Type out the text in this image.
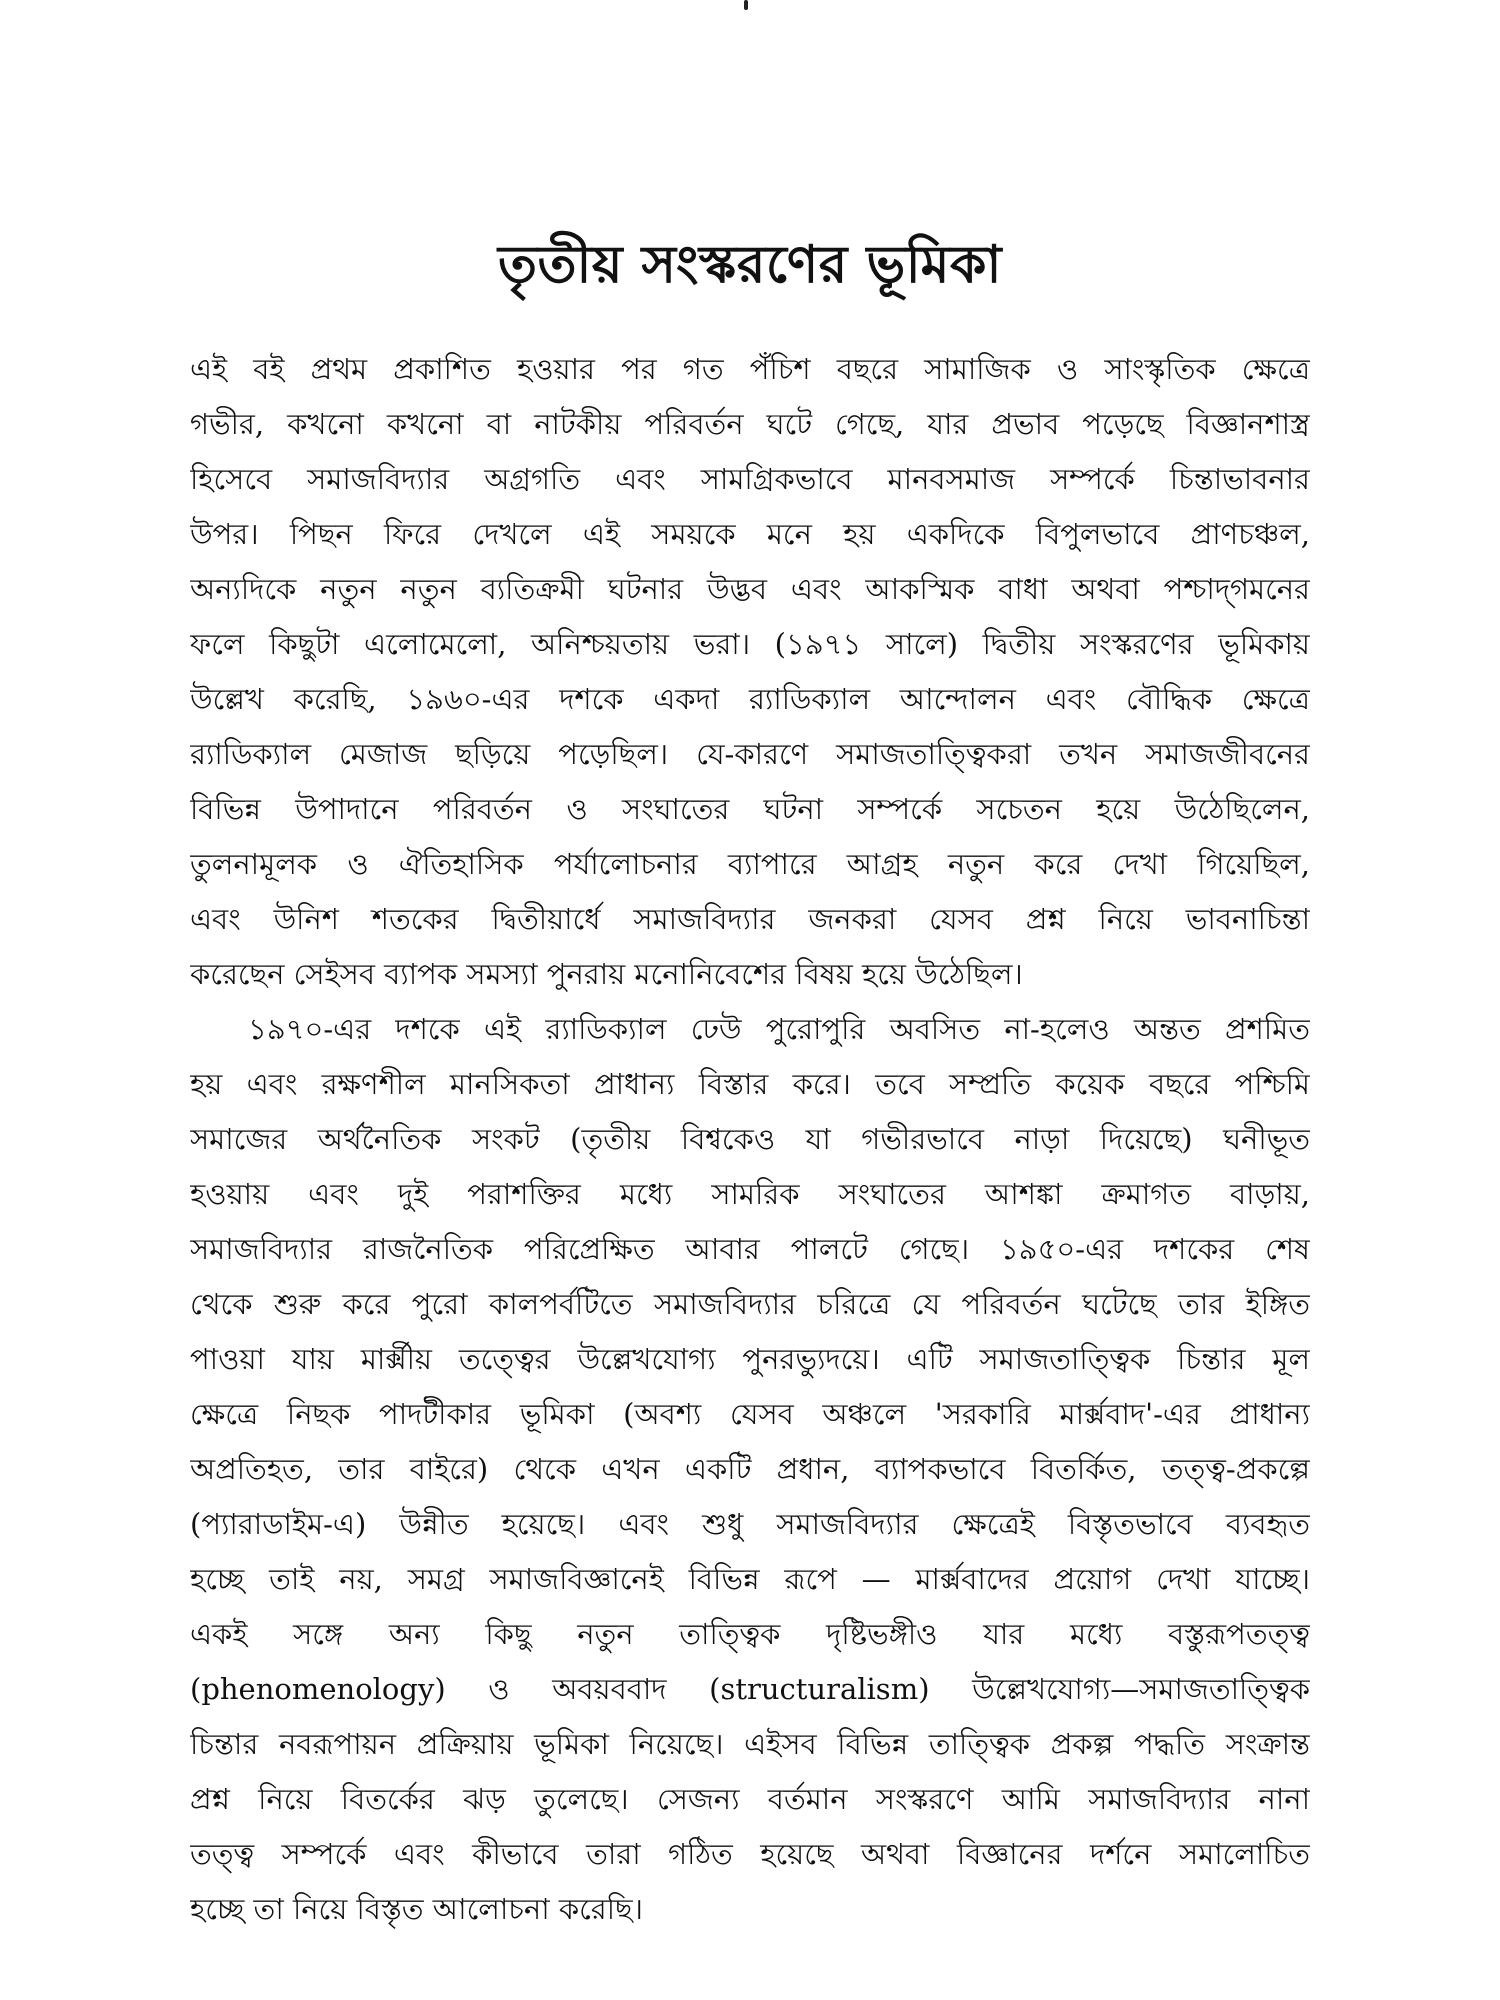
তৃতীয় সংস্করণের ভূমিকা
এই বই প্রথম প্রকাশিত হওয়ার পর গত পঁচিশ বছরে সামাজিক ও সাংস্কৃতিক ক্ষেত্রে
গভীর, কখনো কখনো বা নাটকীয় পরিবর্তন ঘটে গেছে, যার প্রভাব পড়েছে বিজ্ঞানশাস্ত্র
হিসেবে সমাজবিদ্যার অগ্রগতি এবং সামগ্রিকভাবে মানবসমাজ সম্পর্কে চিন্তাভাবনার
উপর। পিছন ফিরে দেখলে এই সময়কে মনে হয় একদিকে বিপুলভাবে প্রাণচঞ্চল,
অন্যদিকে নতুন নতুন ব্যতিক্রমী ঘটনার উদ্ভব এবং আকস্মিক বাধা অথবা পশ্চাদ্‌গমনের
ফলে কিছুটা এলোমেলো, অনিশ্চয়তায় ভরা। (১৯৭১ সালে) দ্বিতীয় সংস্করণের ভূমিকায়
উল্লেখ করেছি, ১৯৬০-এর দশকে একদা র‍্যাডিক্যাল আন্দোলন এবং বৌদ্ধিক ক্ষেত্রে
র‍্যাডিক্যাল মেজাজ ছড়িয়ে পড়েছিল। যে-কারণে সমাজতাত্ত্বিকরা তখন সমাজজীবনের
বিভিন্ন উপাদানে পরিবর্তন ও সংঘাতের ঘটনা সম্পর্কে সচেতন হয়ে উঠেছিলেন,
তুলনামূলক ও ঐতিহাসিক পর্যালোচনার ব্যাপারে আগ্রহ নতুন করে দেখা গিয়েছিল,
এবং উনিশ শতকের দ্বিতীয়ার্ধে সমাজবিদ্যার জনকরা যেসব প্রশ্ন নিয়ে ভাবনাচিন্তা
করেছেন সেইসব ব্যাপক সমস্যা পুনরায় মনোনিবেশের বিষয় হয়ে উঠেছিল।
১৯৭০-এর দশকে এই র‍্যাডিক্যাল ঢেউ পুরোপুরি অবসিত না-হলেও অন্তত প্রশমিত
হয় এবং রক্ষণশীল মানসিকতা প্রাধান্য বিস্তার করে। তবে সম্প্রতি কয়েক বছরে পশ্চিমি
সমাজের অর্থনৈতিক সংকট (তৃতীয় বিশ্বকেও যা গভীরভাবে নাড়া দিয়েছে) ঘনীভূত
হওয়ায় এবং দুই পরাশক্তির মধ্যে সামরিক সংঘাতের আশঙ্কা ক্রমাগত বাড়ায়,
সমাজবিদ্যার রাজনৈতিক পরিপ্রেক্ষিত আবার পালটে গেছে। ১৯৫০-এর দশকের শেষ
থেকে শুরু করে পুরো কালপর্বটিতে সমাজবিদ্যার চরিত্রে যে পরিবর্তন ঘটেছে তার ইঙ্গিত
পাওয়া যায় মার্ক্সীয় তত্ত্বের উল্লেখযোগ্য পুনরভ্যুদয়ে। এটি সমাজতাত্ত্বিক চিন্তার মূল
ক্ষেত্রে নিছক পাদটীকার ভূমিকা (অবশ্য যেসব অঞ্চলে 'সরকারি মার্ক্সবাদ'-এর প্রাধান্য
অপ্রতিহত, তার বাইরে) থেকে এখন একটি প্রধান, ব্যাপকভাবে বিতর্কিত, তত্ত্ব-প্রকল্পে
(প্যারাডাইম-এ) উন্নীত হয়েছে। এবং শুধু সমাজবিদ্যার ক্ষেত্রেই বিস্তৃতভাবে ব্যবহৃত
হচ্ছে তাই নয়, সমগ্র সমাজবিজ্ঞানেই বিভিন্ন রূপে — মার্ক্সবাদের প্রয়োগ দেখা যাচ্ছে।
একই সঙ্গে অন্য কিছু নতুন তাত্ত্বিক দৃষ্টিভঙ্গীও যার মধ্যে বস্তুরূপতত্ত্ব
(phenomenology) ও অবয়ববাদ (structuralism) উল্লেখযোগ্য—সমাজতাত্ত্বিক
চিন্তার নবরূপায়ন প্রক্রিয়ায় ভূমিকা নিয়েছে। এইসব বিভিন্ন তাত্ত্বিক প্রকল্প পদ্ধতি সংক্রান্ত
প্রশ্ন নিয়ে বিতর্কের ঝড় তুলেছে। সেজন্য বর্তমান সংস্করণে আমি সমাজবিদ্যার নানা
তত্ত্ব সম্পর্কে এবং কীভাবে তারা গঠিত হয়েছে অথবা বিজ্ঞানের দর্শনে সমালোচিত
হচ্ছে তা নিয়ে বিস্তৃত আলোচনা করেছি।
